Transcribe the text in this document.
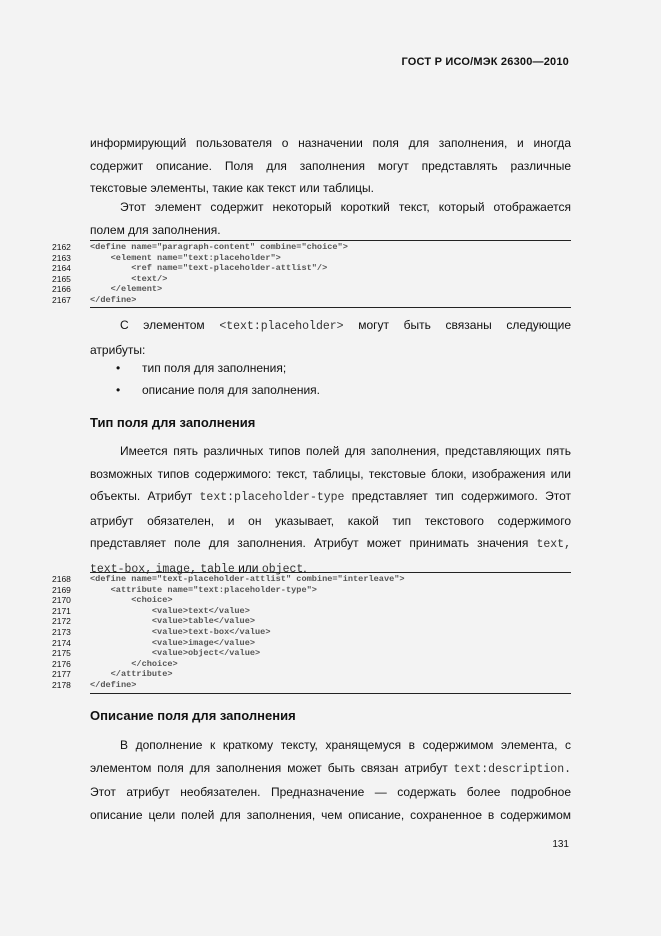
ГОСТ Р ИСО/МЭК 26300—2010
информирующий пользователя о назначении поля для заполнения, и иногда
содержит описание. Поля для заполнения могут представлять различные
текстовые элементы, такие как текст или таблицы.
Этот элемент содержит некоторый короткий текст, который отображается
полем для заполнения.
2162	<define name="paragraph-content" combine="choice">
2163	<element name="text:placeholder">
2164	<ref name="text-placeholder-attlist"/>
2165	<text/>
2166	</element>
2167	</define>
С элементом <text:placeholder> могут быть связаны следующие
атрибуты:
• тип поля для заполнения;
• описание поля для заполнения.
Тип поля для заполнения
Имеется пять различных типов полей для заполнения, представляющих пять
возможных типов содержимого: текст, таблицы, текстовые блоки, изображения или
объекты. Атрибут text:placeholder-type представляет тип содержимого. Этот
атрибут обязателен, и он указывает, какой тип текстового содержимого
представляет поле для заполнения. Атрибут может принимать значения text,
text-box, image, table или object.
2168	<define name="text-placeholder-attlist" combine="interleave">
2169	<attribute name="text:placeholder-type">
2170	<choice>
2171	<value>text</value>
2172	<value>table</value>
2173	<value>text-box</value>
2174	<value>image</value>
2175	<value>object</value>
2176	</choice>
2177	</attribute>
2178	</define>
Описание поля для заполнения
В дополнение к краткому тексту, хранящемуся в содержимом элемента, с
элементом поля для заполнения может быть связан атрибут text:description.
Этот атрибут необязателен. Предназначение — содержать более подробное
описание цели полей для заполнения, чем описание, сохраненное в содержимом
131
